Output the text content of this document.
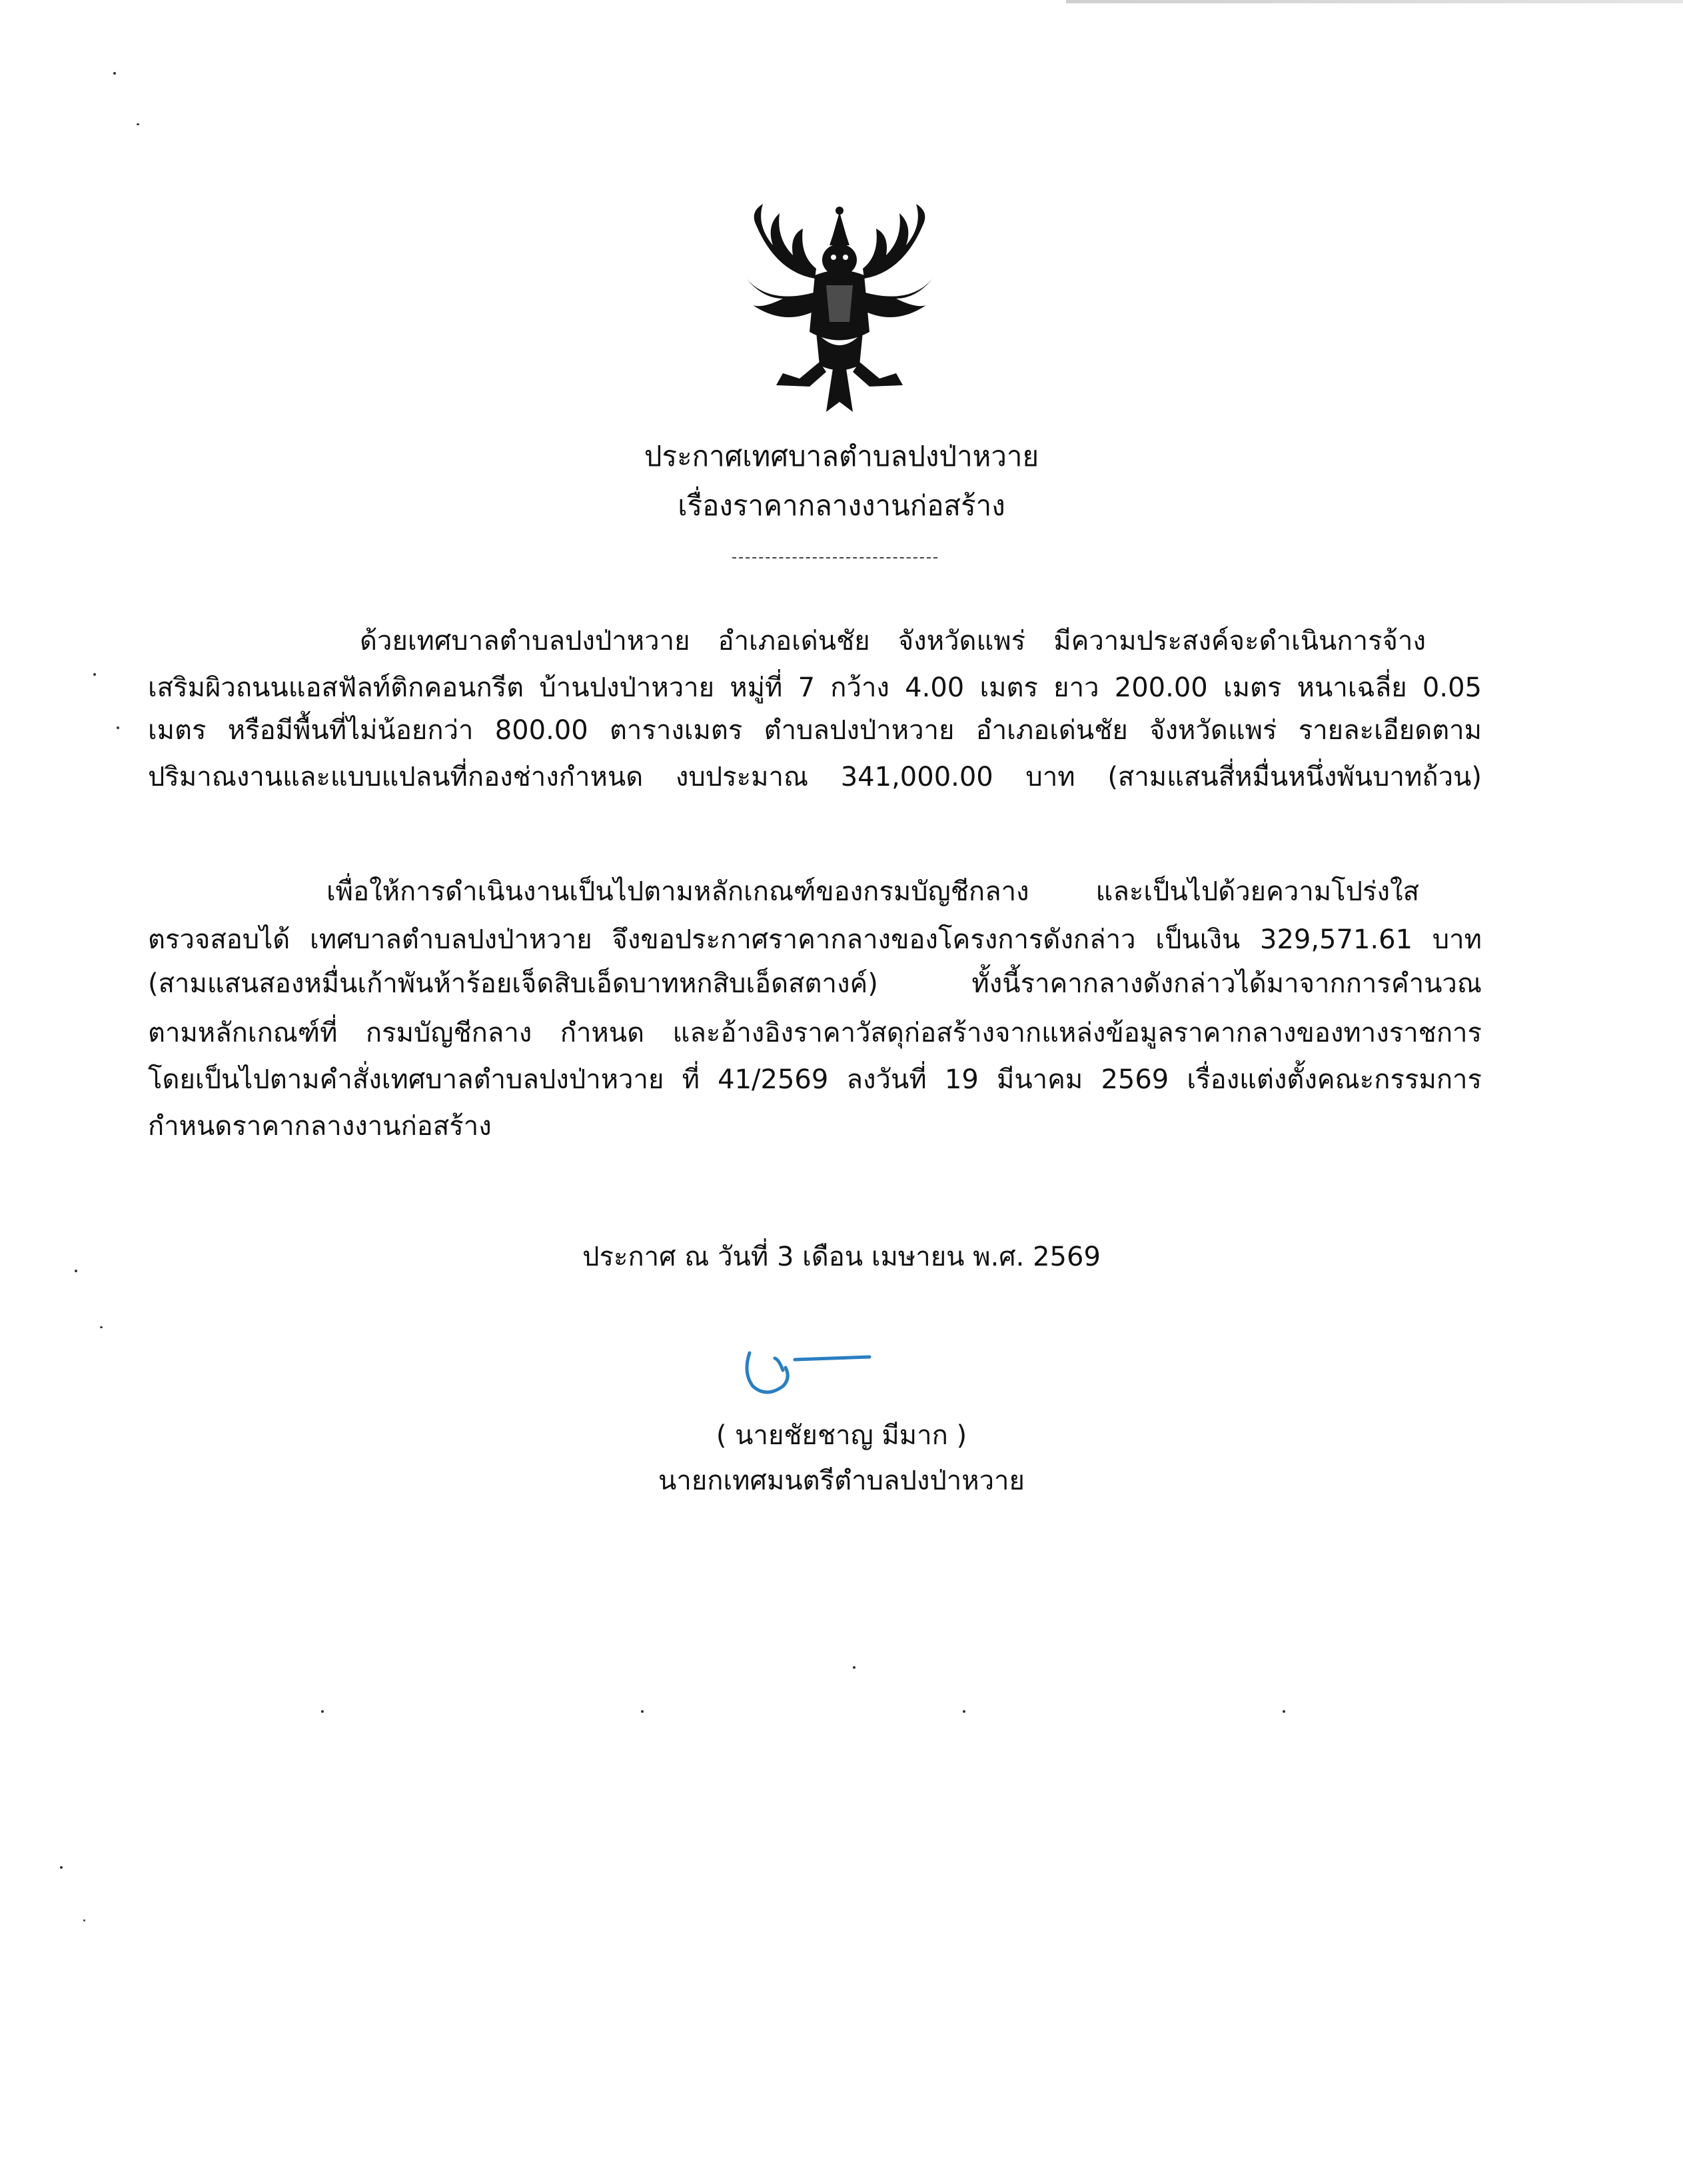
ประกาศเทศบาลตำบลปงป่าหวาย
เรื่องราคากลางงานก่อสร้าง
ด้วยเทศบาลตำบลปงป่าหวาย อำเภอเด่นชัย จังหวัดแพร่ มีความประสงค์จะดำเนินการจ้าง
เสริมผิวถนนแอสฟัลท์ติกคอนกรีต บ้านปงป่าหวาย หมู่ที่ 7 กว้าง 4.00 เมตร ยาว 200.00 เมตร หนาเฉลี่ย 0.05
เมตร หรือมีพื้นที่ไม่น้อยกว่า 800.00 ตารางเมตร ตำบลปงป่าหวาย อำเภอเด่นชัย จังหวัดแพร่ รายละเอียดตาม
ปริมาณงานและแบบแปลนที่กองช่างกำหนด งบประมาณ 341,000.00 บาท (สามแสนสี่หมื่นหนึ่งพันบาทถ้วน)
เพื่อให้การดำเนินงานเป็นไปตามหลักเกณฑ์ของกรมบัญชีกลาง และเป็นไปด้วยความโปร่งใส
ตรวจสอบได้ เทศบาลตำบลปงป่าหวาย จึงขอประกาศราคากลางของโครงการดังกล่าว เป็นเงิน 329,571.61 บาท
(สามแสนสองหมื่นเก้าพันห้าร้อยเจ็ดสิบเอ็ดบาทหกสิบเอ็ดสตางค์) ทั้งนี้ราคากลางดังกล่าวได้มาจากการคำนวณ
ตามหลักเกณฑ์ที่ กรมบัญชีกลาง กำหนด และอ้างอิงราคาวัสดุก่อสร้างจากแหล่งข้อมูลราคากลางของทางราชการ
โดยเป็นไปตามคำสั่งเทศบาลตำบลปงป่าหวาย ที่ 41/2569 ลงวันที่ 19 มีนาคม 2569 เรื่องแต่งตั้งคณะกรรมการ
กำหนดราคากลางงานก่อสร้าง
ประกาศ ณ วันที่ 3 เดือน เมษายน พ.ศ. 2569
( นายชัยชาญ มีมาก )
นายกเทศมนตรีตำบลปงป่าหวาย
